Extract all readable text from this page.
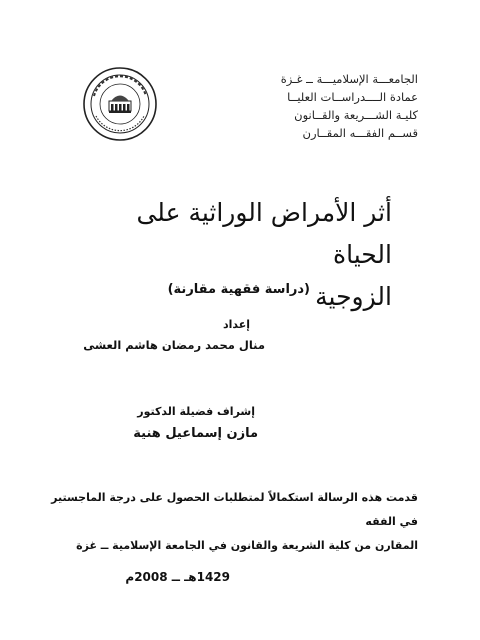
الجامعـــة الإسلاميـــة ــ غـزة
عمادة الــــدراســات العليــا
كليـة الشـــريعة والقــانون
قســم الفقـــه المقــارن
أثر الأمراض الوراثية على الحياة
الزوجية
(دراسة فقهية مقارنة)
إعداد
منال محمد رمضان هاشم العشى
إشراف فضيلة الدكتور
مازن إسماعيل هنية
قدمت هذه الرسالة استكمالاً لمتطلبات الحصول على درجة الماجستير في الفقه
المقارن من كلية الشريعة والقانون في الجامعة الإسلامية ــ غزة
1429هـ ــ 2008م
